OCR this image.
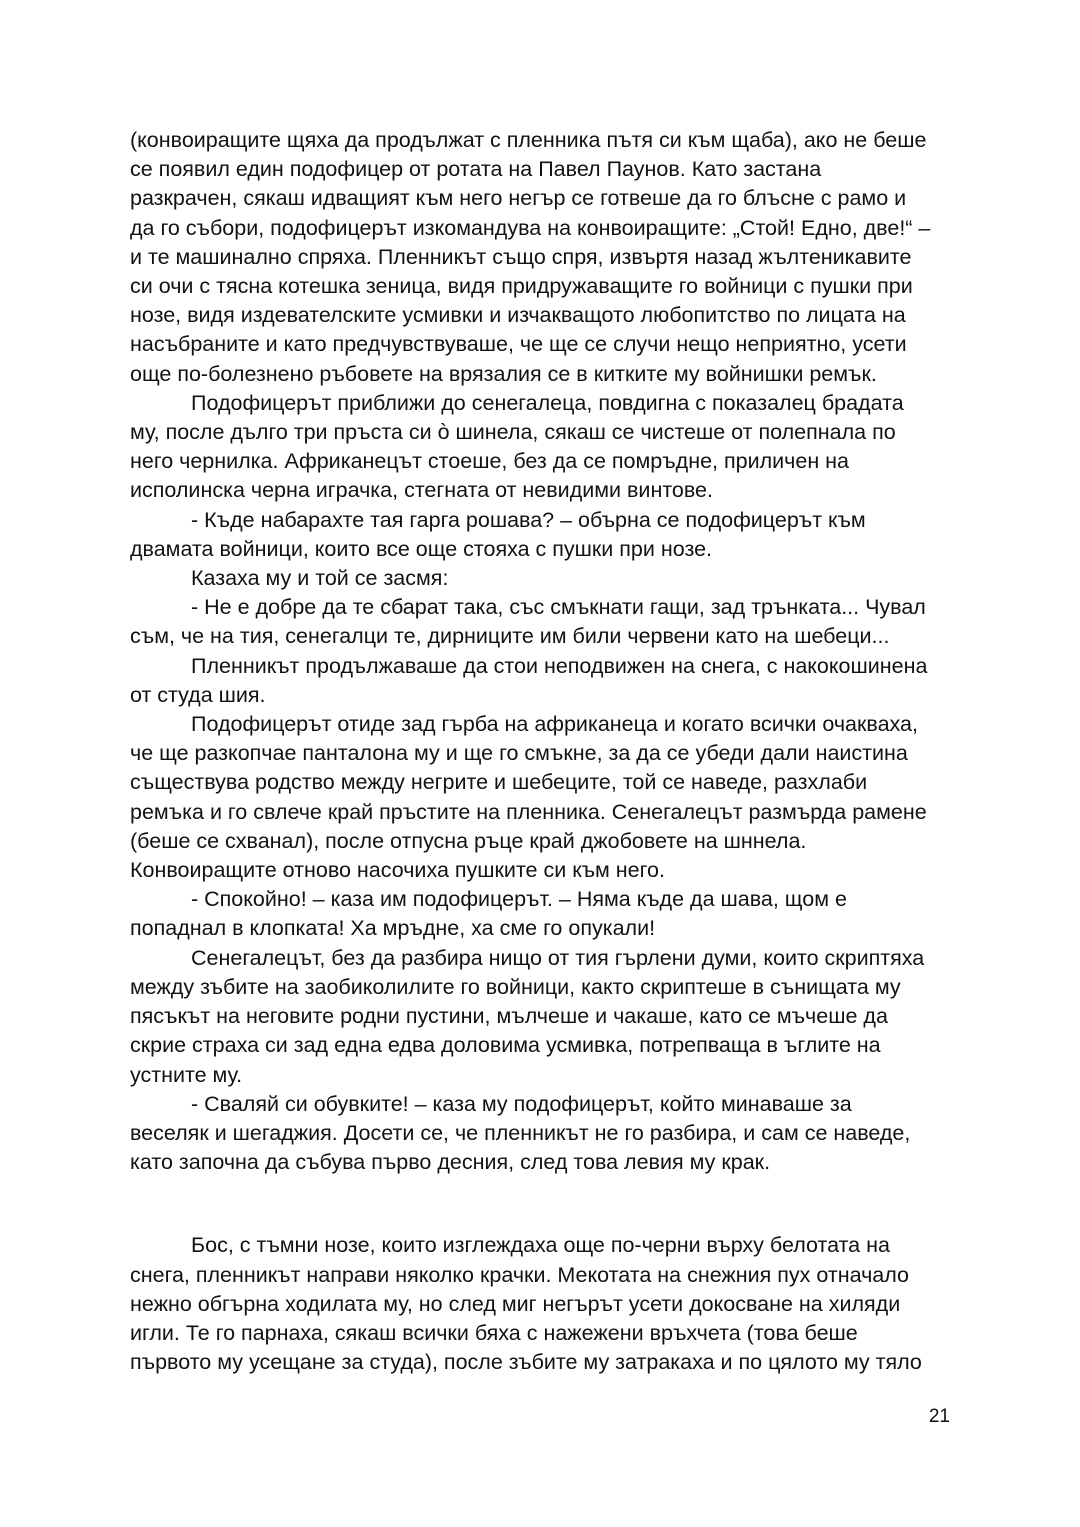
(конвоиращите щяха да продължат с пленника пътя си към щаба), ако не беше
се появил един подофицер от ротата на Павел Паунов. Като застана
разкрачен, сякаш идващият към него негър се готвеше да го блъсне с рамо и
да го събори, подофицерът изкомандува на конвоиращите: „Стой! Едно, две!“ –
и те машинално спряха. Пленникът също спря, извъртя назад жълтеникавите
си очи с тясна котешка зеница, видя придружаващите го войници с пушки при
нозе, видя издевателските усмивки и изчакващото любопитство по лицата на
насъбраните и като предчувствуваше, че ще се случи нещо неприятно, усети
още по-болезнено ръбовете на врязалия се в китките му войнишки ремък.
Подофицерът приближи до сенегалеца, повдигна с показалец брадата
му, после дълго три пръста си ò шинела, сякаш се чистеше от полепнала по
него чернилка. Африканецът стоеше, без да се помръдне, приличен на
исполинска черна играчка, стегната от невидими винтове.
- Къде набарахте тая гарга рошава? – обърна се подофицерът към
двамата войници, които все още стояха с пушки при нозе.
Казаха му и той се засмя:
- Не е добре да те сбарат така, със смъкнати гащи, зад трънката... Чувал
съм, че на тия, сенегалци те, дирниците им били червени като на шебеци...
Пленникът продължаваше да стои неподвижен на снега, с накокошинена
от студа шия.
Подофицерът отиде зад гърба на африканеца и когато всички очакваха,
че ще разкопчае панталона му и ще го смъкне, за да се убеди дали наистина
съществува родство между негрите и шебеците, той се наведе, разхлаби
ремъка и го свлече край пръстите на пленника. Сенегалецът размърда рамене
(беше се схванал), после отпусна ръце край джобовете на шннела.
Конвоиращите отново насочиха пушките си към него.
- Спокойно! – каза им подофицерът. – Няма къде да шава, щом е
попаднал в клопката! Ха мръдне, ха сме го опукали!
Сенегалецът, без да разбира нищо от тия гърлени думи, които скриптяха
между зъбите на заобиколилите го войници, както скриптеше в сънищата му
пясъкът на неговите родни пустини, мълчеше и чакаше, като се мъчеше да
скрие страха си зад една едва доловима усмивка, потрепваща в ъглите на
устните му.
- Сваляй си обувките! – каза му подофицерът, който минаваше за
веселяк и шегаджия. Досети се, че пленникът не го разбира, и сам се наведе,
като започна да събува първо десния, след това левия му крак.
Бос, с тъмни нозе, които изглеждаха още по-черни върху белотата на
снега, пленникът направи няколко крачки. Мекотата на снежния пух отначало
нежно обгърна ходилата му, но след миг негърът усети докосване на хиляди
игли. Те го парнаха, сякаш всички бяха с нажежени връхчета (това беше
първото му усещане за студа), после зъбите му затракаха и по цялото му тяло
21
